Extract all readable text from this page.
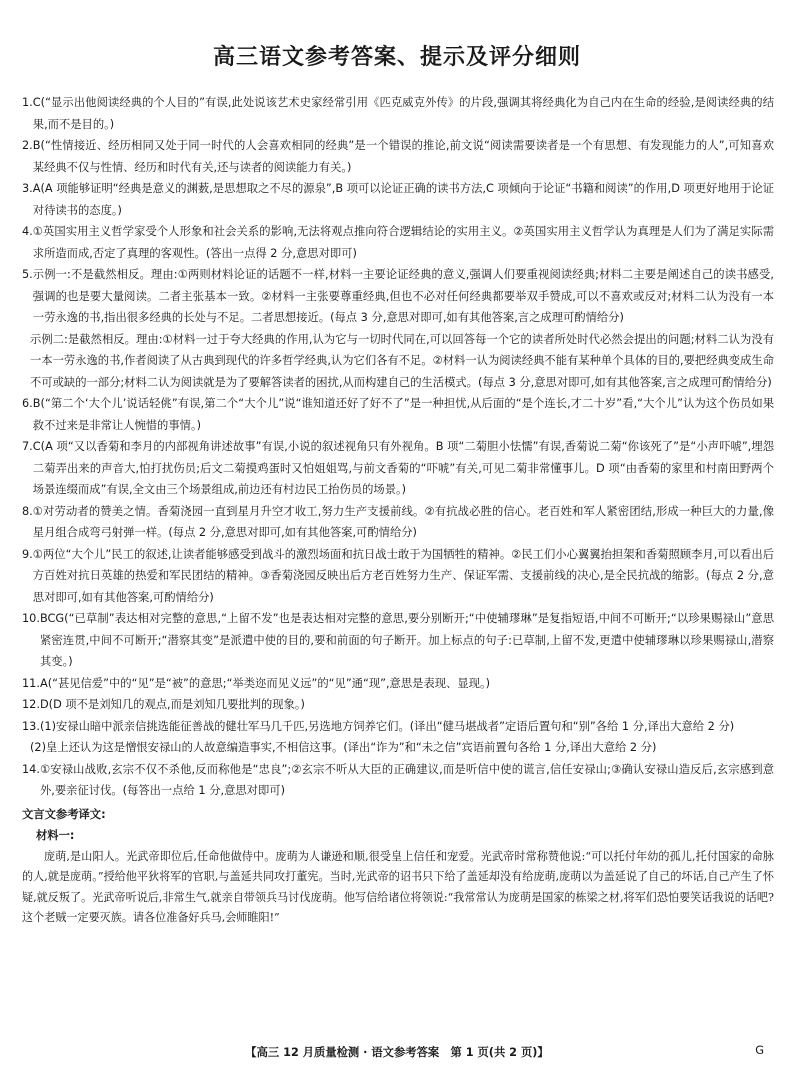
高三语文参考答案、提示及评分细则
1. C(“显示出他阅读经典的个人目的”有误,此处说该艺术史家经常引用《匹克威克外传》的片段,强调其将经典化为自己内在生命的经验,是阅读经典的结果,而不是目的。)
2. B(“性情接近、经历相同又处于同一时代的人会喜欢相同的经典”是一个错误的推论,前文说“阅读需要读者是一个有思想、有发现能力的人”,可知喜欢某经典不仅与性情、经历和时代有关,还与读者的阅读能力有关。)
3. A(A 项能够证明“经典是意义的渊薮,是思想取之不尽的源泉”,B 项可以论证正确的读书方法,C 项倾向于论证“书籍和阅读”的作用,D 项更好地用于论证对待读书的态度。)
4. ①英国实用主义哲学家受个人形象和社会关系的影响,无法将观点推向符合逻辑结论的实用主义。②英国实用主义哲学认为真理是人们为了满足实际需求所造而成,否定了真理的客观性。(答出一点得 2 分,意思对即可)
5. 示例一:不是截然相反。理由:①两则材料论证的话题不一样,材料一主要论证经典的意义,强调人们要重视阅读经典;材料二主要是阐述自己的读书感受,强调的也是要大量阅读。二者主张基本一致。②材料一主张要尊重经典,但也不必对任何经典都要举双手赞成,可以不喜欢或反对;材料二认为没有一本一劳永逸的书,指出很多经典的长处与不足。二者思想接近。(每点 3 分,意思对即可,如有其他答案,言之成理可酌情给分)
示例二:是截然相反。理由:①材料一过于夸大经典的作用,认为它与一切时代同在,可以回答每一个它的读者所处时代必然会提出的问题;材料二认为没有一本一劳永逸的书,作者阅读了从古典到现代的许多哲学经典,认为它们各有不足。②材料一认为阅读经典不能有某种单个具体的目的,要把经典变成生命不可或缺的一部分;材料二认为阅读就是为了要解答读者的困扰,从而构建自己的生活模式。(每点 3 分,意思对即可,如有其他答案,言之成理可酌情给分)
6. B(“第二个‘大个儿’说话轻佻”有误,第二个“大个儿”说“谁知道还好了好不了”是一种担忧,从后面的“是个连长,才二十岁”看,“大个儿”认为这个伤员如果救不过来是非常让人惋惜的事情。)
7. C(A 项“又以香菊和李月的内部视角讲述故事”有误,小说的叙述视角只有外视角。B 项“二菊胆小怯懦”有误,香菊说二菊“你该死了”是“小声吓唬”,埋怨二菊弄出来的声音大,怕打扰伤员;后文二菊摸鸡蛋时又怕姐姐骂,与前文香菊的“吓唬”有关,可见二菊非常懂事儿。D 项“由香菊的家里和村南田野两个场景连缀而成”有误,全文由三个场景组成,前边还有村边民工抬伤员的场景。)
8. ①对劳动者的赞美之情。香菊浇园一直到星月升空才收工,努力生产支援前线。②有抗战必胜的信心。老百姓和军人紧密团结,形成一种巨大的力量,像星月组合成弯弓射弹一样。(每点 2 分,意思对即可,如有其他答案,可酌情给分)
9. ①两位“大个儿”民工的叙述,让读者能够感受到战斗的激烈场面和抗日战士敢于为国牺牲的精神。②民工们小心翼翼抬担架和香菊照顾李月,可以看出后方百姓对抗日英雄的热爱和军民团结的精神。③香菊浇园反映出后方老百姓努力生产、保证军需、支援前线的决心,是全民抗战的缩影。(每点 2 分,意思对即可,如有其他答案,可酌情给分)
10. BCG(“已草制”表达相对完整的意思,“上留不发”也是表达相对完整的意思,要分别断开;“中使辅璆琳”是复指短语,中间不可断开;“以珍果赐禄山”意思紧密连贯,中间不可断开;“潜察其变”是派遣中使的目的,要和前面的句子断开。加上标点的句子:已草制,上留不发,更遣中使辅璆琳以珍果赐禄山,潜察其变。)
11. A(“甚见信爱”中的“见”是“被”的意思;“举类迩而见义远”的“见”通“现”,意思是表现、显现。)
12. D(D 项不是刘知几的观点,而是刘知几要批判的现象。)
13. (1)安禄山暗中派亲信挑选能征善战的健壮军马几千匹,另选地方饲养它们。(译出“健马堪战者”定语后置句和“别”各给 1 分,译出大意给 2 分)
(2)皇上还认为这是憎恨安禄山的人故意编造事实,不相信这事。(译出“诈为”和“未之信”宾语前置句各给 1 分,译出大意给 2 分)
14. ①安禄山战败,玄宗不仅不杀他,反而称他是“忠良”;②玄宗不听从大臣的正确建议,而是听信中使的谎言,信任安禄山;③确认安禄山造反后,玄宗感到意外,要亲征讨伐。(每答出一点给 1 分,意思对即可)
文言文参考译文:
材料一:
庞萌,是山阳人。光武帝即位后,任命他做侍中。庞萌为人谦逊和顺,很受皇上信任和宠爱。光武帝时常称赞他说:“可以托付年幼的孤儿,托付国家的命脉的人,就是庞萌。”授给他平狄将军的官职,与盖延共同攻打董宪。当时,光武帝的诏书只下给了盖延却没有给庞萌,庞萌以为盖延说了自己的坏话,自己产生了怀疑,就反叛了。光武帝听说后,非常生气,就亲自带领兵马讨伐庞萌。他写信给诸位将领说:“我常常认为庞萌是国家的栋梁之材,将军们恐怕要笑话我说的话吧?这个老贼一定要灭族。请各位准备好兵马,会师睢阳!”
【高三 12 月质量检测 · 语文参考答案　第 1 页(共 2 页)】	G
